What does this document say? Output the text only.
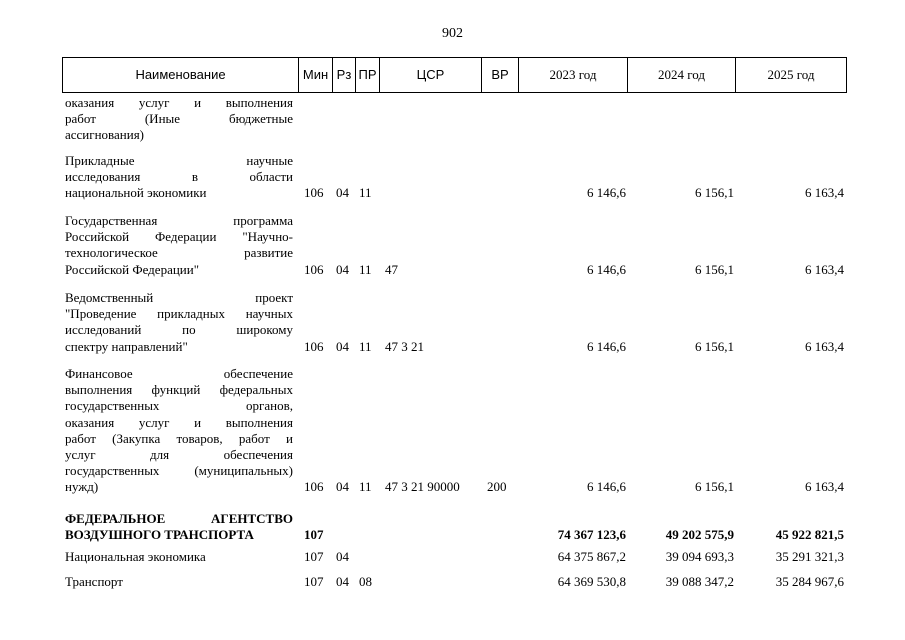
902
Наименование	Мин Рз ПР	ЦСР	ВР	2023 год	2024 год	2025 год
оказания услуг и выполнения
работ (Иные бюджетные
ассигнования)
Прикладные научные
исследования в области
национальной экономики	106 04 11	6 146,6	6 156,1	6 163,4
Государственная программа
Российской Федерации "Научно-
технологическое развитие
Российской Федерации"	106 04 11 47	6 146,6	6 156,1	6 163,4
Ведомственный проект
"Проведение прикладных научных
исследований по широкому
спектру направлений"	106 04 11 47 3 21	6 146,6	6 156,1	6 163,4
Финансовое обеспечение
выполнения функций федеральных
государственных органов,
оказания услуг и выполнения
работ (Закупка товаров, работ и
услуг для обеспечения
государственных (муниципальных)
нужд)	106 04 11 47 3 21 90000 200	6 146,6	6 156,1	6 163,4
ФЕДЕРАЛЬНОЕ АГЕНТСТВО
ВОЗДУШНОГО ТРАНСПОРТА	107	74 367 123,6	49 202 575,9	45 922 821,5
Национальная экономика	107 04	64 375 867,2	39 094 693,3	35 291 321,3
Транспорт	107 04 08	64 369 530,8	39 088 347,2	35 284 967,6
